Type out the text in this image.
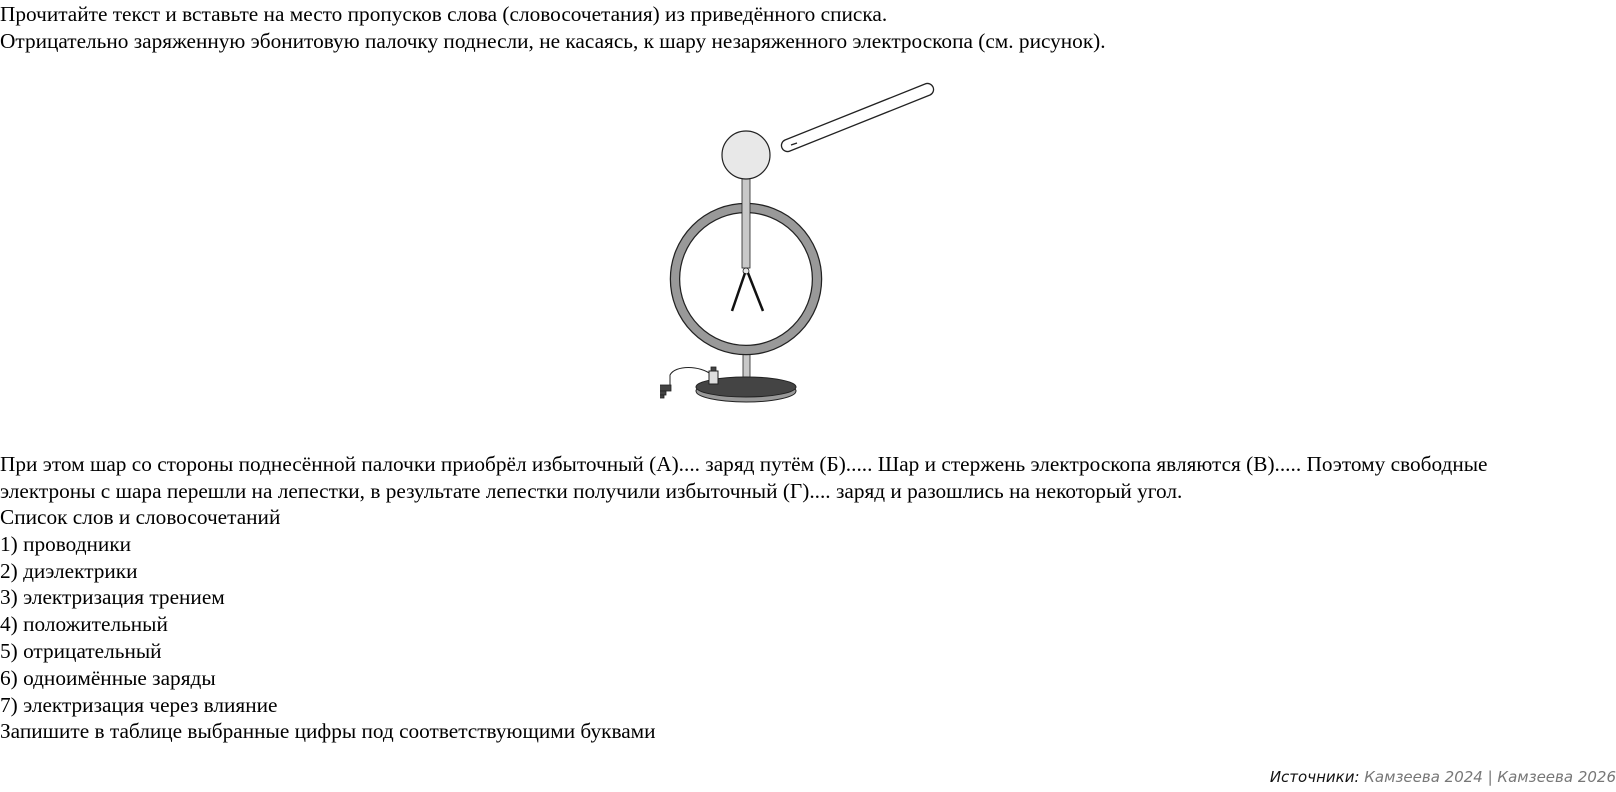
Прочитайте текст и вставьте на место пропусков слова (словосочетания) из приведённого списка.
Отрицательно заряженную эбонитовую палочку поднесли, не касаясь, к шару незаряженного электроскопа (см. рисунок).
При этом шар со стороны поднесённой палочки приобрёл избыточный (А).... заряд путём (Б)..... Шар и стержень электроскопа являются (В)..... Поэтому свободные электроны с шара перешли на лепестки, в результате лепестки получили избыточный (Г).... заряд и разошлись на некоторый угол.
Список слов и словосочетаний
1) проводники
2) диэлектрики
3) электризация трением
4) положительный
5) отрицательный
6) одноимённые заряды
7) электризация через влияние
Запишите в таблице выбранные цифры под соответствующими буквами
Источники: Камзеева 2024 | Камзеева 2026
